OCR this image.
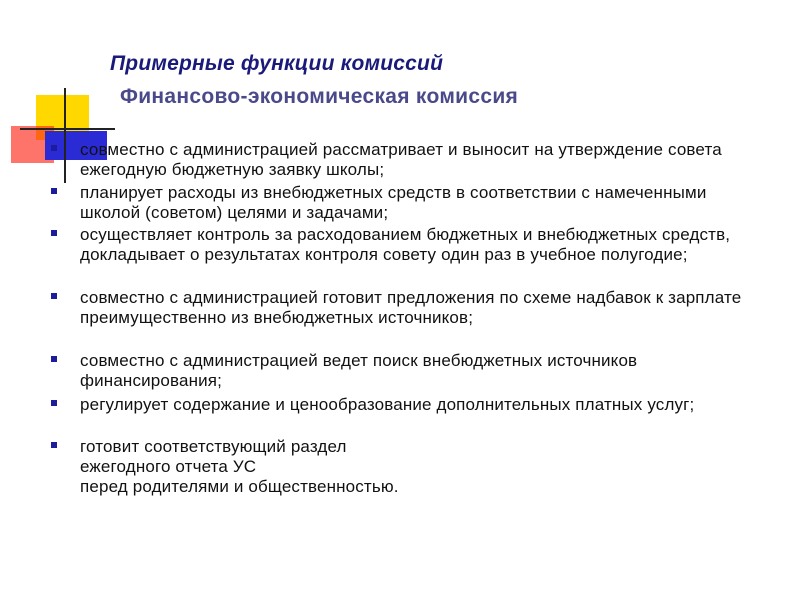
Примерные функции комиссий
Финансово-экономическая комиссия
совместно с администрацией рассматривает и выносит на утверждение совета ежегодную бюджетную заявку школы;
планирует расходы из внебюджетных средств в соответствии с намеченными школой (советом) целями и задачами;
осуществляет контроль за расходованием бюджетных и внебюджетных средств, докладывает о результатах контроля совету один раз в учебное полугодие;
совместно с администрацией готовит предложения по схеме надбавок к зарплате преимущественно из внебюджетных источников;
совместно с администрацией ведет поиск внебюджетных источников финансирования;
регулирует содержание и ценообразование дополнительных платных услуг;
готовит соответствующий раздел
ежегодного отчета УС
перед родителями и общественностью.
